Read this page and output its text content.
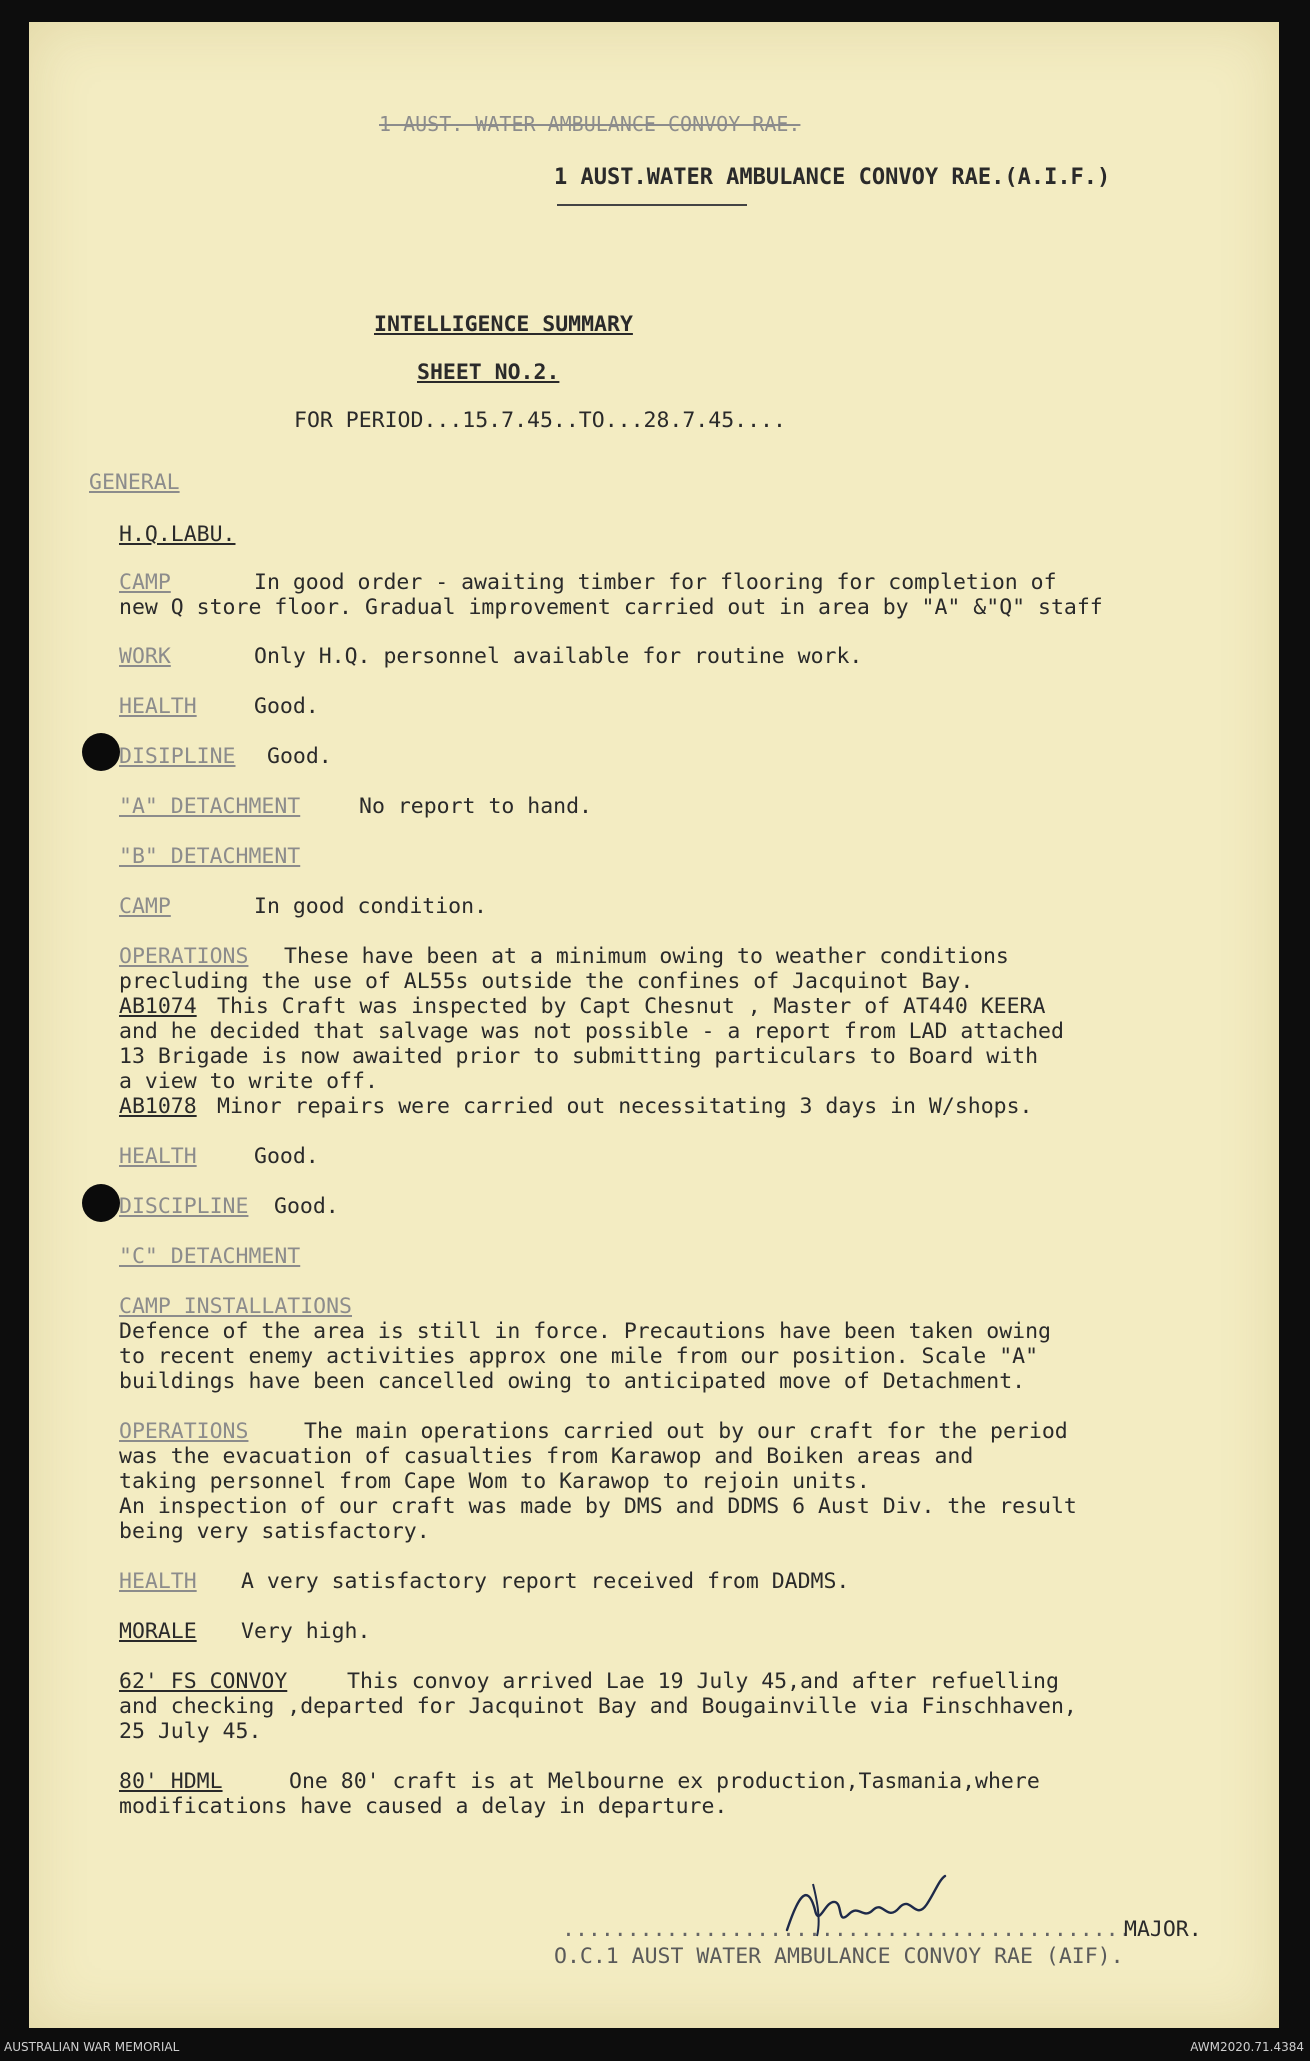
1 AUST. WATER AMBULANCE CONVOY RAE.
1 AUST.WATER AMBULANCE CONVOY RAE.(A.I.F.)
INTELLIGENCE SUMMARY
SHEET NO.2.
FOR PERIOD...15.7.45..TO...28.7.45....
GENERAL
H.Q.LABU.
CAMP	In good order - awaiting timber for flooring for completion of
new Q store floor. Gradual improvement carried out in area by "A" &"Q" staff
WORK	Only H.Q. personnel available for routine work.
HEALTH	Good.
DISIPLINE Good.
"A" DETACHMENT	No report to hand.
"B" DETACHMENT
CAMP	In good condition.
OPERATIONS These have been at a minimum owing to weather conditions
precluding the use of AL55s outside the confines of Jacquinot Bay.
AB1074 This Craft was inspected by Capt Chesnut , Master of AT440 KEERA
and he decided that salvage was not possible - a report from LAD attached
13 Brigade is now awaited prior to submitting particulars to Board with
a view to write off.
AB1078 Minor repairs were carried out necessitating 3 days in W/shops.
HEALTH	Good.
DISCIPLINE Good.
"C" DETACHMENT
CAMP INSTALLATIONS
Defence of the area is still in force. Precautions have been taken owing
to recent enemy activities approx one mile from our position. Scale "A"
buildings have been cancelled owing to anticipated move of Detachment.
OPERATIONS	The main operations carried out by our craft for the period
was the evacuation of casualties from Karawop and Boiken areas and
taking personnel from Cape Wom to Karawop to rejoin units.
An inspection of our craft was made by DMS and DDMS 6 Aust Div. the result
being very satisfactory.
HEALTH A very satisfactory report received from DADMS.
MORALE Very high.
62' FS CONVOY	This convoy arrived Lae 19 July 45,and after refuelling
and checking ,departed for Jacquinot Bay and Bougainville via Finschhaven,
25 July 45.
80' HDML	One 80' craft is at Melbourne ex production,Tasmania,where
modifications have caused a delay in departure.
............................................
MAJOR.
O.C.1 AUST WATER AMBULANCE CONVOY RAE (AIF).
AUSTRALIAN WAR MEMORIAL	AWM2020.71.4384
